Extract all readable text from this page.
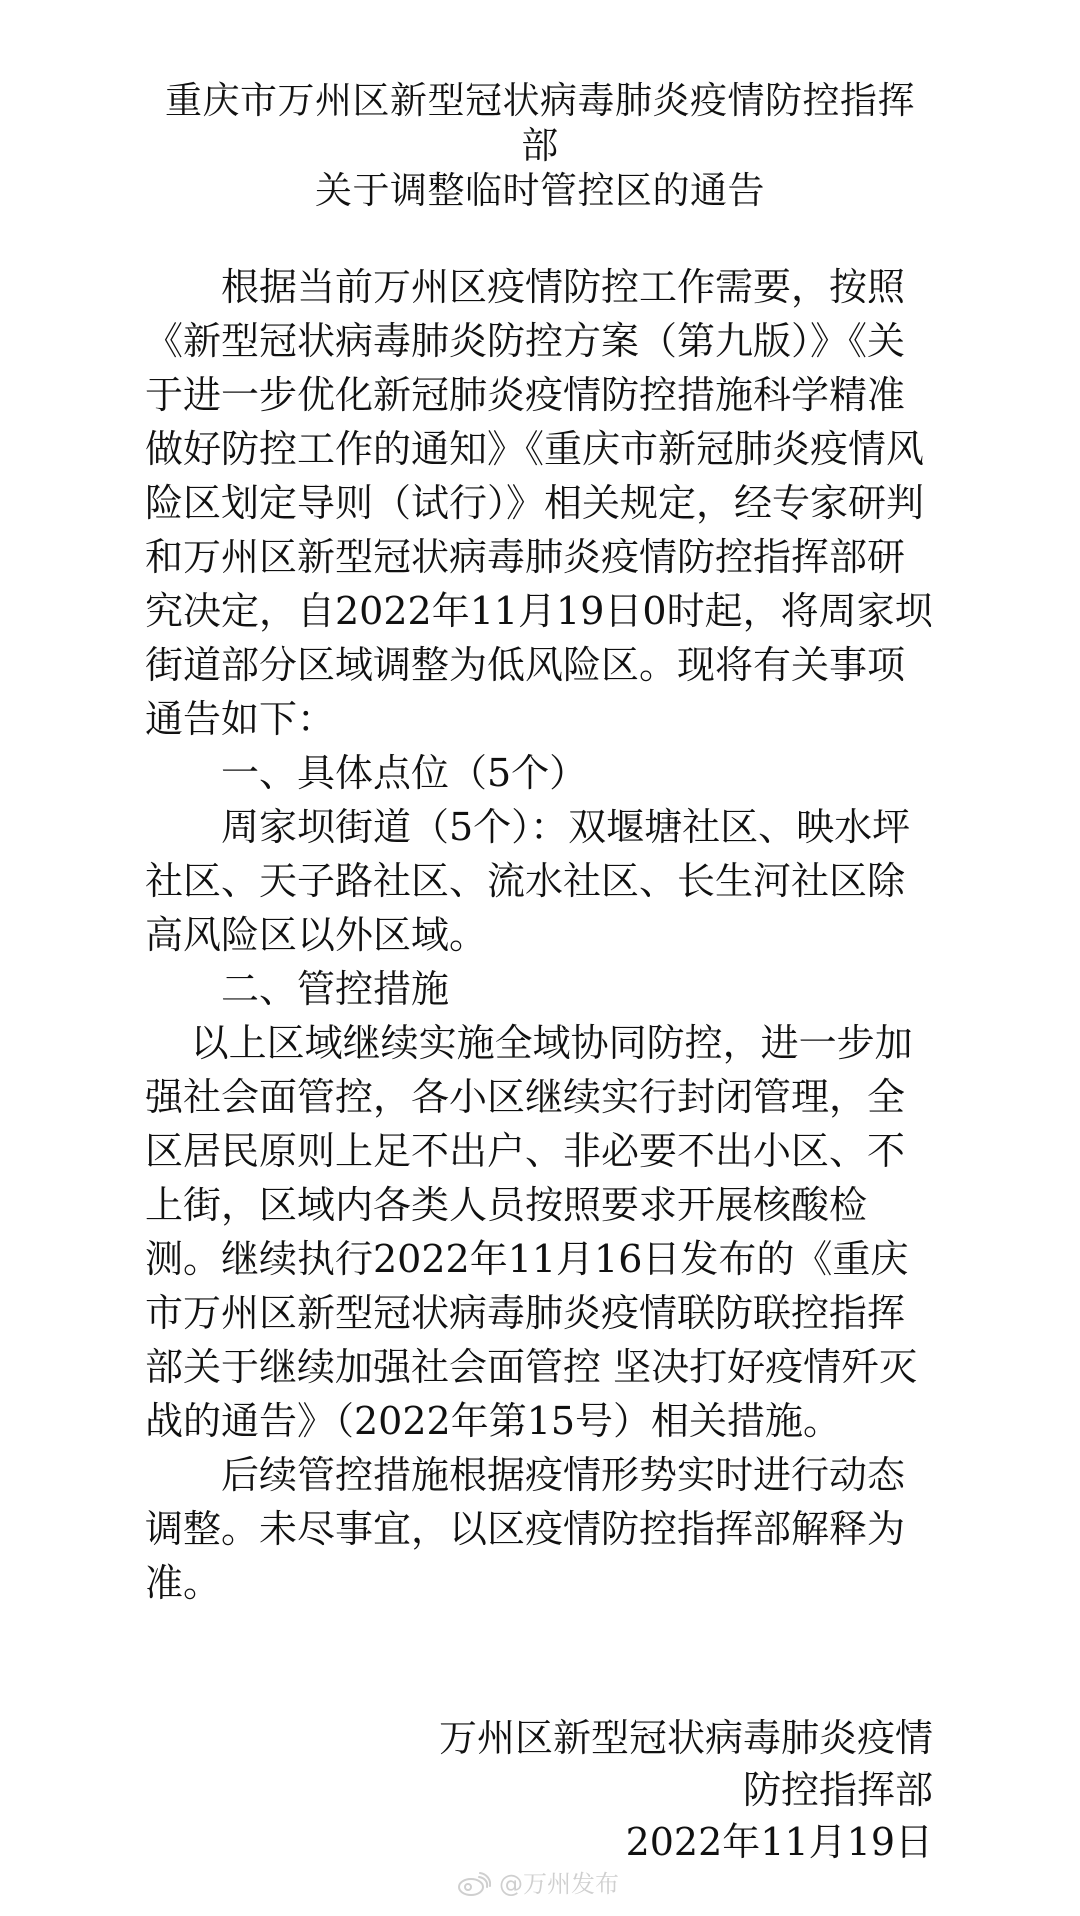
重庆市万州区新型冠状病毒肺炎疫情防控指挥
部
关于调整临时管控区的通告

根据当前万州区疫情防控工作需要，按照《新型冠状病毒肺炎防控方案（第九版）》《关于进一步优化新冠肺炎疫情防控措施科学精准做好防控工作的通知》《重庆市新冠肺炎疫情风险区划定导则（试行）》相关规定，经专家研判和万州区新型冠状病毒肺炎疫情防控指挥部研究决定，自2022年11月19日0时起，将周家坝街道部分区域调整为低风险区。现将有关事项通告如下：

一、具体点位（5个）

周家坝街道（5个）：双堰塘社区、映水坪社区、天子路社区、流水社区、长生河社区除高风险区以外区域。

二、管控措施

以上区域继续实施全域协同防控，进一步加强社会面管控，各小区继续实行封闭管理，全区居民原则上足不出户、非必要不出小区、不上街，区域内各类人员按照要求开展核酸检测。继续执行2022年11月16日发布的《重庆市万州区新型冠状病毒肺炎疫情联防联控指挥部关于继续加强社会面管控 坚决打好疫情歼灭战的通告》（2022年第15号）相关措施。

后续管控措施根据疫情形势实时进行动态调整。未尽事宜，以区疫情防控指挥部解释为准。

万州区新型冠状病毒肺炎疫情
防控指挥部
2022年11月19日
@万州发布
